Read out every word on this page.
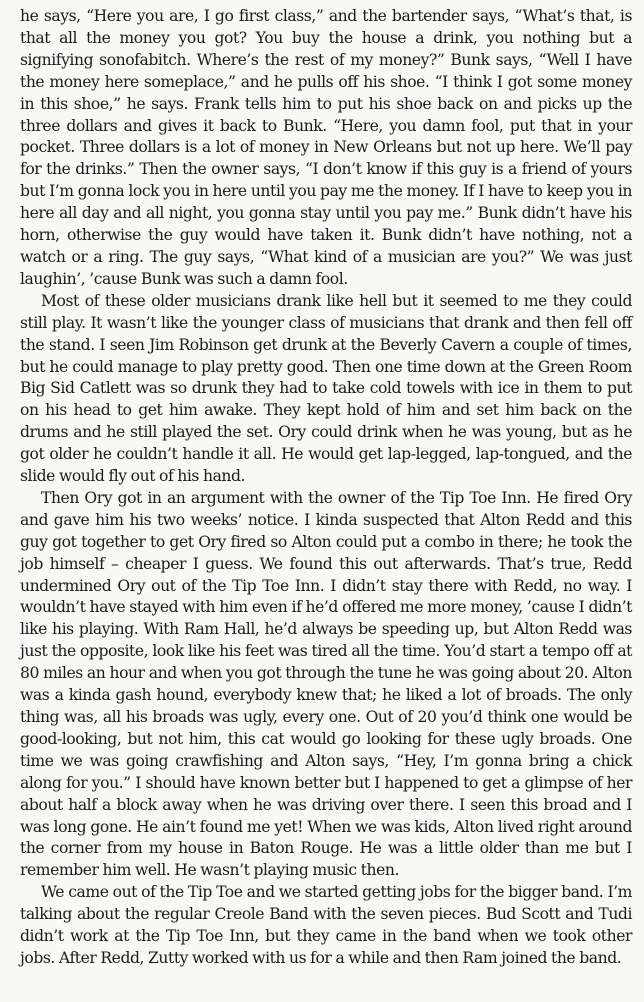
he says, “Here you are, I go first class,” and the bartender says, “What’s that, is that all the money you got? You buy the house a drink, you nothing but a signifying sonofabitch. Where’s the rest of my money?” Bunk says, “Well I have the money here someplace,” and he pulls off his shoe. “I think I got some money in this shoe,” he says. Frank tells him to put his shoe back on and picks up the three dollars and gives it back to Bunk. “Here, you damn fool, put that in your pocket. Three dollars is a lot of money in New Orleans but not up here. We’ll pay for the drinks.” Then the owner says, “I don’t know if this guy is a friend of yours but I’m gonna lock you in here until you pay me the money. If I have to keep you in here all day and all night, you gonna stay until you pay me.” Bunk didn’t have his horn, otherwise the guy would have taken it. Bunk didn’t have nothing, not a watch or a ring. The guy says, “What kind of a musician are you?” We was just laughin’, ’cause Bunk was such a damn fool.

Most of these older musicians drank like hell but it seemed to me they could still play. It wasn’t like the younger class of musicians that drank and then fell off the stand. I seen Jim Robinson get drunk at the Beverly Cavern a couple of times, but he could manage to play pretty good. Then one time down at the Green Room Big Sid Catlett was so drunk they had to take cold towels with ice in them to put on his head to get him awake. They kept hold of him and set him back on the drums and he still played the set. Ory could drink when he was young, but as he got older he couldn’t handle it all. He would get lap-legged, lap-tongued, and the slide would fly out of his hand.

Then Ory got in an argument with the owner of the Tip Toe Inn. He fired Ory and gave him his two weeks’ notice. I kinda suspected that Alton Redd and this guy got together to get Ory fired so Alton could put a combo in there; he took the job himself – cheaper I guess. We found this out afterwards. That’s true, Redd undermined Ory out of the Tip Toe Inn. I didn’t stay there with Redd, no way. I wouldn’t have stayed with him even if he’d offered me more money, ’cause I didn’t like his playing. With Ram Hall, he’d always be speeding up, but Alton Redd was just the opposite, look like his feet was tired all the time. You’d start a tempo off at 80 miles an hour and when you got through the tune he was going about 20. Alton was a kinda gash hound, everybody knew that; he liked a lot of broads. The only thing was, all his broads was ugly, every one. Out of 20 you’d think one would be good-looking, but not him, this cat would go looking for these ugly broads. One time we was going crawfishing and Alton says, “Hey, I’m gonna bring a chick along for you.” I should have known better but I happened to get a glimpse of her about half a block away when he was driving over there. I seen this broad and I was long gone. He ain’t found me yet! When we was kids, Alton lived right around the corner from my house in Baton Rouge. He was a little older than me but I remember him well. He wasn’t playing music then.

We came out of the Tip Toe and we started getting jobs for the bigger band. I’m talking about the regular Creole Band with the seven pieces. Bud Scott and Tudi didn’t work at the Tip Toe Inn, but they came in the band when we took other jobs. After Redd, Zutty worked with us for a while and then Ram joined the band.
